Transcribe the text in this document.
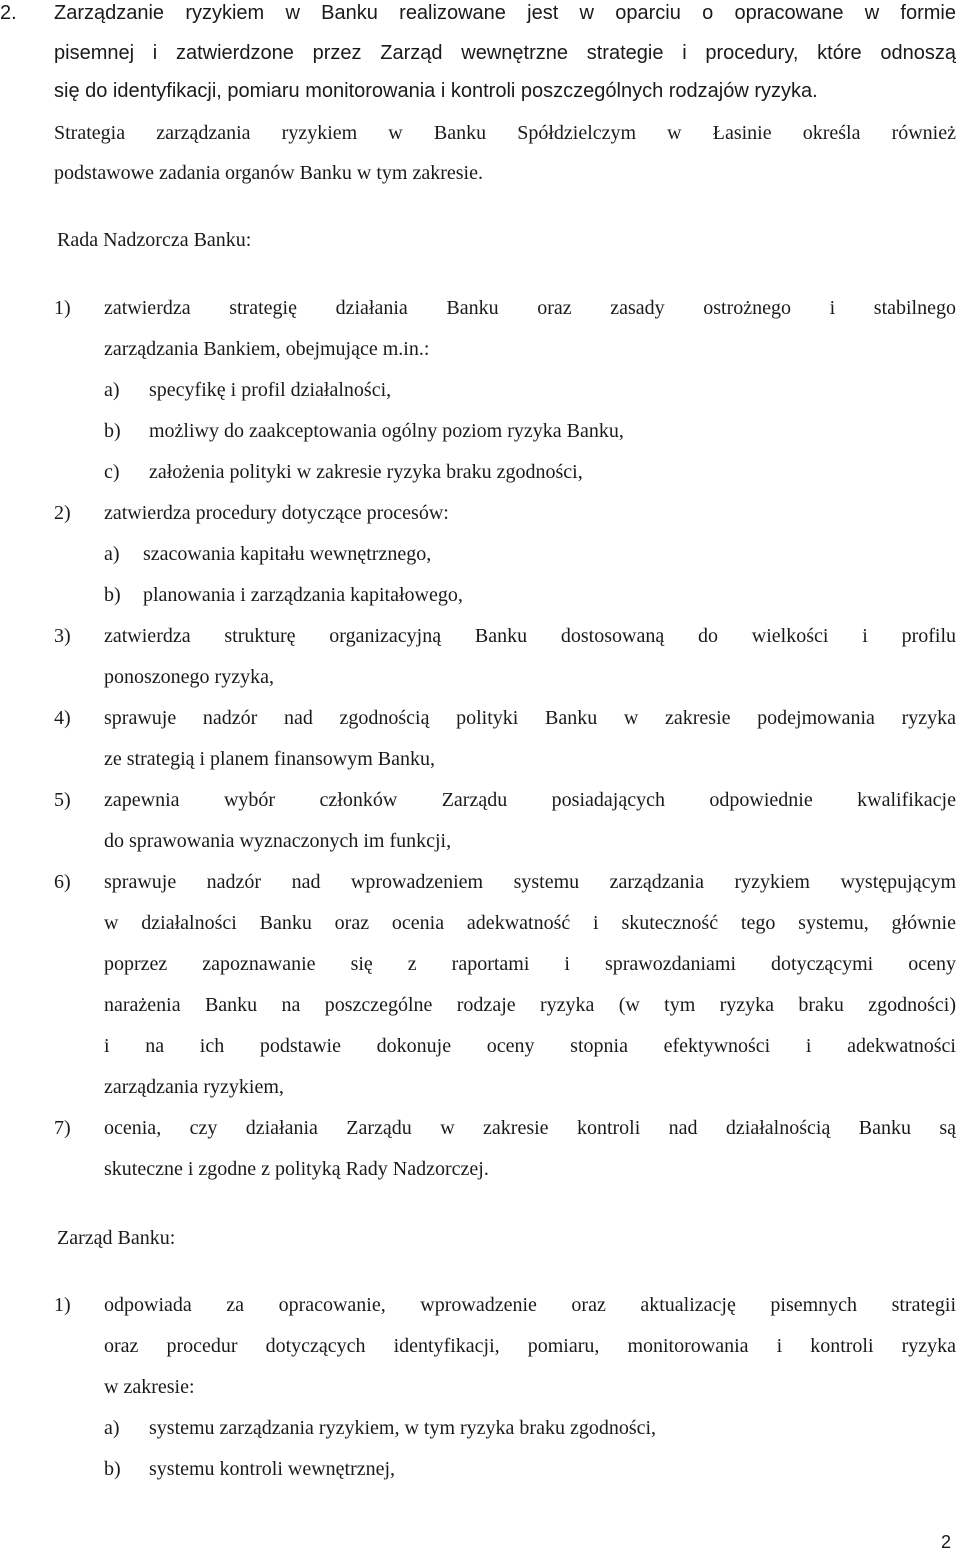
2. Zarządzanie ryzykiem w Banku realizowane jest w oparciu o opracowane w formie
pisemnej i zatwierdzone przez Zarząd wewnętrzne strategie i procedury, które odnoszą
się do identyfikacji, pomiaru monitorowania i kontroli poszczególnych rodzajów ryzyka.
Strategia zarządzania ryzykiem w Banku Spółdzielczym w Łasinie określa również
podstawowe zadania organów Banku w tym zakresie.
Rada Nadzorcza Banku:
1) zatwierdza strategię działania Banku oraz zasady ostrożnego i stabilnego
zarządzania Bankiem, obejmujące m.in.:
a) specyfikę i profil działalności,
b) możliwy do zaakceptowania ogólny poziom ryzyka Banku,
c) założenia polityki w zakresie ryzyka braku zgodności,
2) zatwierdza procedury dotyczące procesów:
a) szacowania kapitału wewnętrznego,
b) planowania i zarządzania kapitałowego,
3) zatwierdza strukturę organizacyjną Banku dostosowaną do wielkości i profilu
ponoszonego ryzyka,
4) sprawuje nadzór nad zgodnością polityki Banku w zakresie podejmowania ryzyka
ze strategią i planem finansowym Banku,
5) zapewnia wybór członków Zarządu posiadających odpowiednie kwalifikacje
do sprawowania wyznaczonych im funkcji,
6) sprawuje nadzór nad wprowadzeniem systemu zarządzania ryzykiem występującym
w działalności Banku oraz ocenia adekwatność i skuteczność tego systemu, głównie
poprzez zapoznawanie się z raportami i sprawozdaniami dotyczącymi oceny
narażenia Banku na poszczególne rodzaje ryzyka (w tym ryzyka braku zgodności)
i na ich podstawie dokonuje oceny stopnia efektywności i adekwatności
zarządzania ryzykiem,
7) ocenia, czy działania Zarządu w zakresie kontroli nad działalnością Banku są
skuteczne i zgodne z polityką Rady Nadzorczej.
Zarząd Banku:
1) odpowiada za opracowanie, wprowadzenie oraz aktualizację pisemnych strategii
oraz procedur dotyczących identyfikacji, pomiaru, monitorowania i kontroli ryzyka
w zakresie:
a) systemu zarządzania ryzykiem, w tym ryzyka braku zgodności,
b) systemu kontroli wewnętrznej,
2
